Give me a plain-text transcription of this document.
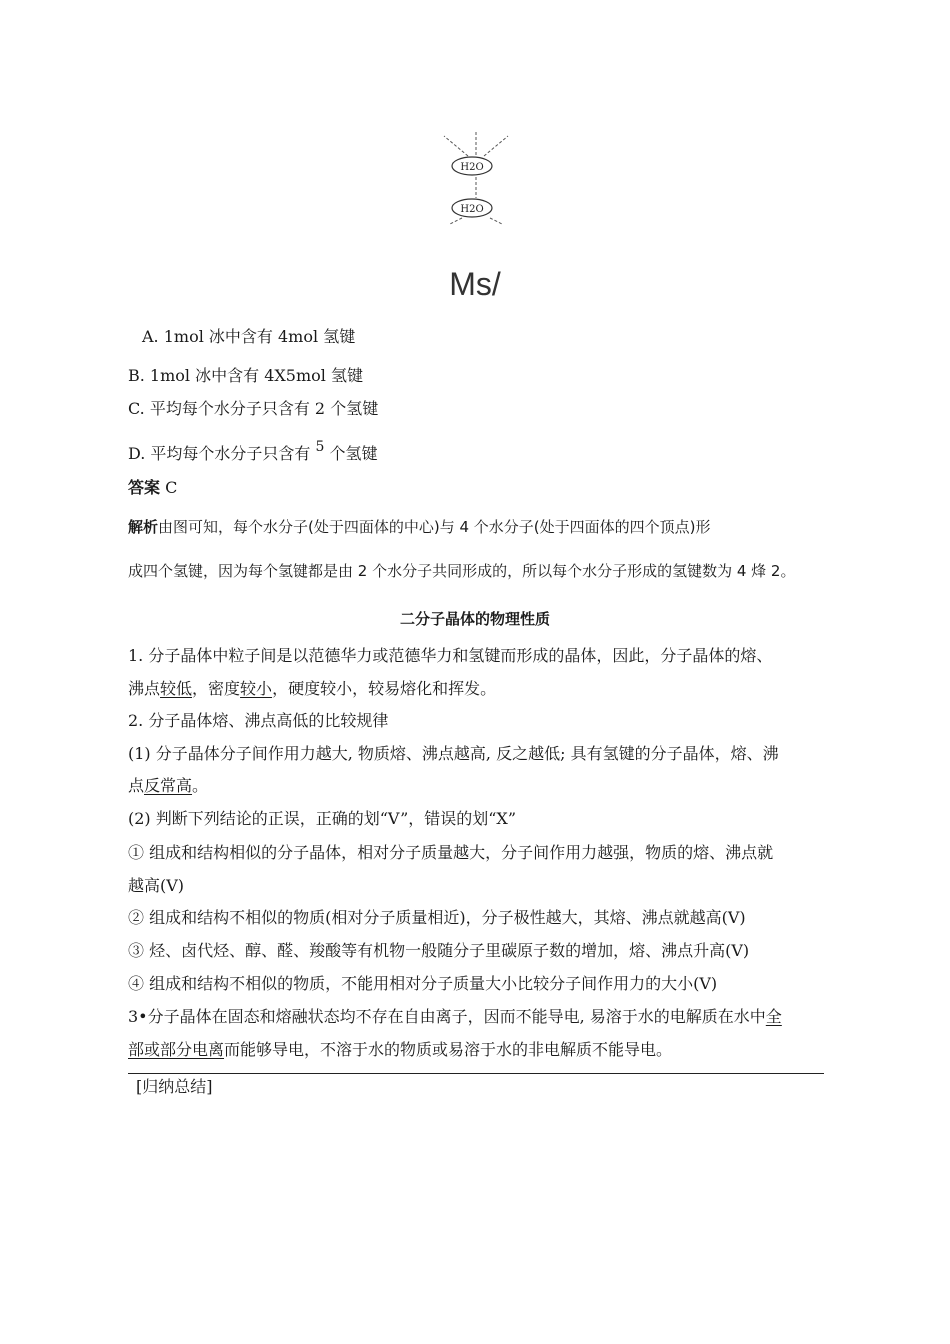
H2O
H2O
Ms/
A. 1mol 冰中含有 4mol 氢键
B. 1mol 冰中含有 4X5mol 氢键
C. 平均每个水分子只含有 2 个氢键
D. 平均每个水分子只含有 5 个氢键
答案 C
解析由图可知，每个水分子(处于四面体的中心)与 4 个水分子(处于四面体的四个顶点)形
成四个氢键，因为每个氢键都是由 2 个水分子共同形成的，所以每个水分子形成的氢键数为 4 烽 2。
二分子晶体的物理性质
1. 分子晶体中粒子间是以范德华力或范德华力和氢键而形成的晶体，因此，分子晶体的熔、
沸点较低，密度较小，硬度较小，较易熔化和挥发。
2. 分子晶体熔、沸点高低的比较规律
(1) 分子晶体分子间作用力越大, 物质熔、沸点越高, 反之越低; 具有氢键的分子晶体，熔、沸
点反常高。
(2) 判断下列结论的正误，正确的划“V”，错误的划“X”
① 组成和结构相似的分子晶体，相对分子质量越大，分子间作用力越强，物质的熔、沸点就
越高(V)
② 组成和结构不相似的物质(相对分子质量相近)，分子极性越大，其熔、沸点就越高(V)
③ 烃、卤代烃、醇、醛、羧酸等有机物一般随分子里碳原子数的增加，熔、沸点升高(V)
④ 组成和结构不相似的物质，不能用相对分子质量大小比较分子间作用力的大小(V)
3•分子晶体在固态和熔融状态均不存在自由离子，因而不能导电, 易溶于水的电解质在水中全
部或部分电离而能够导电，不溶于水的物质或易溶于水的非电解质不能导电。
[归纳总结]
